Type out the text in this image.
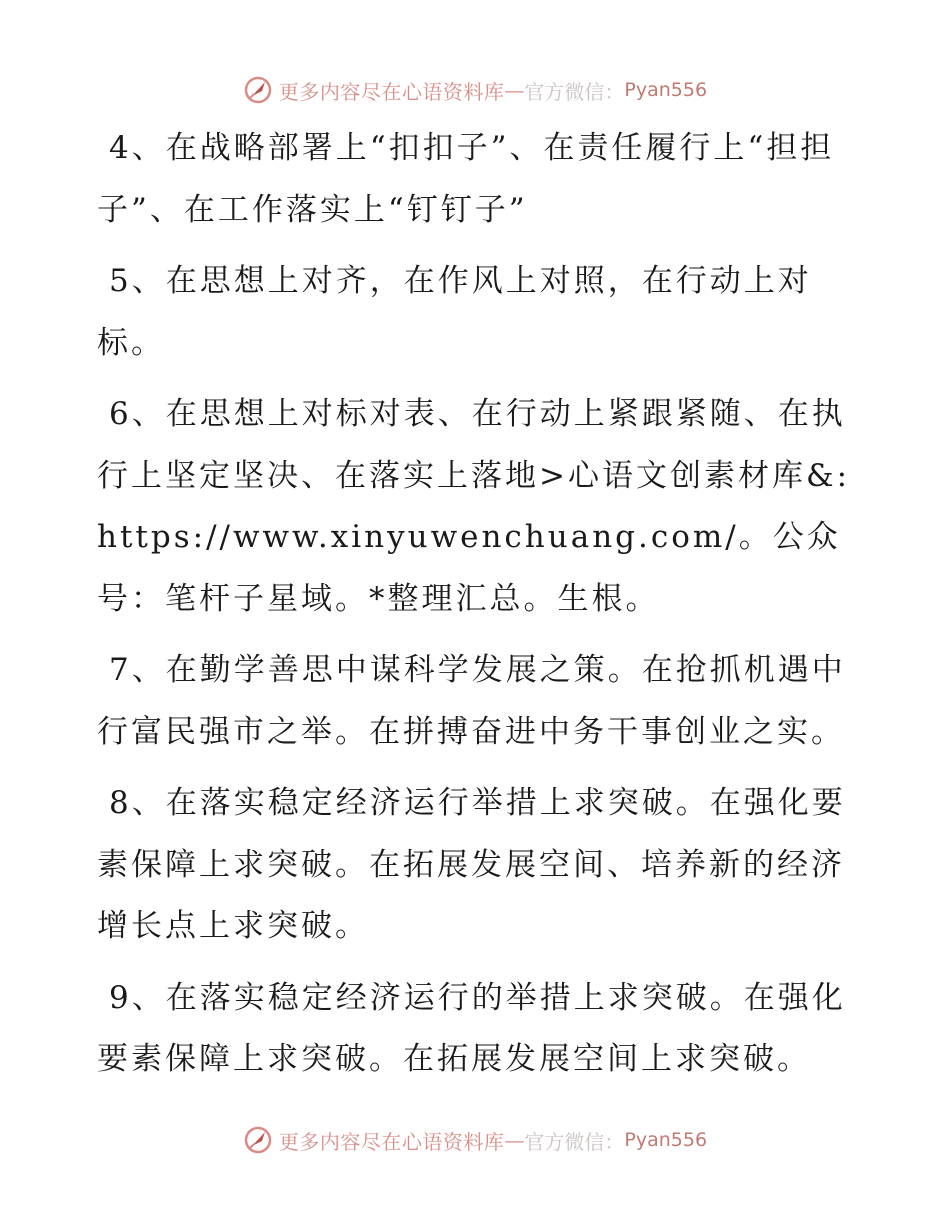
更多内容尽在心语资料库 — 官方微信： Pyan556

4、在战略部署上“扣扣子”、在责任履行上“担担子”、在工作落实上“钉钉子”

5、在思想上对齐，在作风上对照，在行动上对标。

6、在思想上对标对表、在行动上紧跟紧随、在执行上坚定坚决、在落实上落地>心语文创素材库&:https://www.xinyuwenchuang.com/。公众号：笔杆子星域。*整理汇总。生根。

7、在勤学善思中谋科学发展之策。在抢抓机遇中行富民强市之举。在拼搏奋进中务干事创业之实。

8、在落实稳定经济运行举措上求突破。在强化要素保障上求突破。在拓展发展空间、培养新的经济增长点上求突破。

9、在落实稳定经济运行的举措上求突破。在强化要素保障上求突破。在拓展发展空间上求突破。

更多内容尽在心语资料库 — 官方微信： Pyan556
